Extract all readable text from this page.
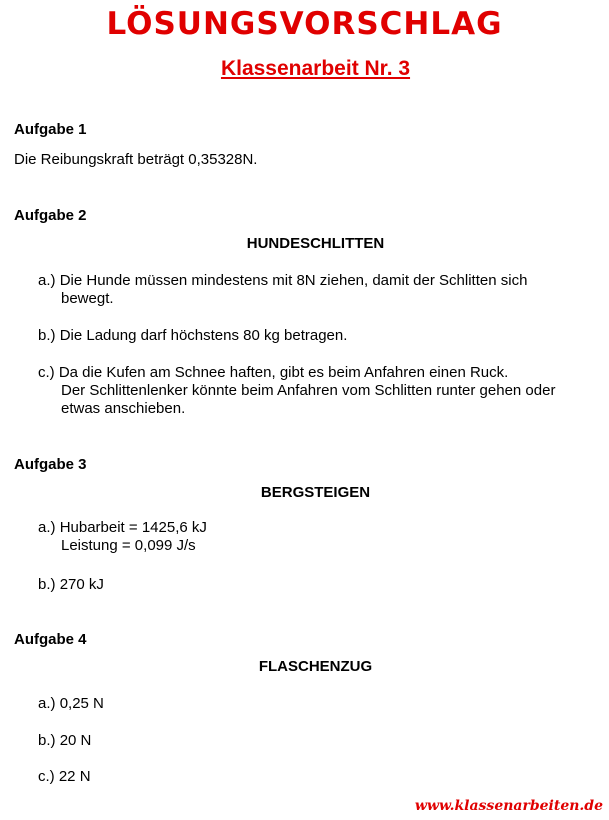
LÖSUNGSVORSCHLAG
Klassenarbeit Nr. 3
Aufgabe 1

Die Reibungskraft beträgt 0,35328N.

Aufgabe 2
HUNDESCHLITTEN
a.) Die Hunde müssen mindestens mit 8N ziehen, damit der Schlitten sich
bewegt.
b.) Die Ladung darf höchstens 80 kg betragen.
c.) Da die Kufen am Schnee haften, gibt es beim Anfahren einen Ruck.
Der Schlittenlenker könnte beim Anfahren vom Schlitten runter gehen oder
etwas anschieben.
Aufgabe 3
BERGSTEIGEN
a.) Hubarbeit = 1425,6 kJ
Leistung = 0,099 J/s
b.) 270 kJ
Aufgabe 4
FLASCHENZUG
a.) 0,25 N
b.) 20 N
c.) 22 N
www.klassenarbeiten.de
